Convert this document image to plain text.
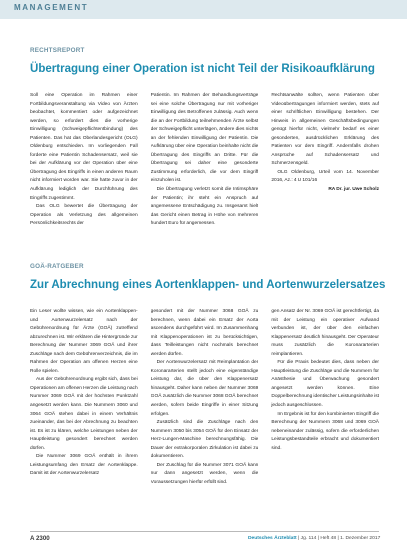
MANAGEMENT
RECHTSREPORT
Übertragung einer Operation ist nicht Teil der Risikoaufklärung

Soll eine Operation im Rahmen einer Fortbildungsveranstaltung via Video von Ärzten beobachtet, kommentiert oder aufgezeichnet werden, so erfordert dies die vorherige Einwilligung (Schweigepflichtentbindung) des Patienten. Das hat das Oberlandesgericht (OLG) Oldenburg entschieden. Im vorliegenden Fall forderte eine Patientin Schadensersatz, weil sie bei der Aufklärung vor der Operation über eine Übertragung des Eingriffs in einen anderen Raum nicht informiert worden war. Sie hatte zuvor in der Aufklärung lediglich der Durchführung des Eingriffs zugestimmt.

Das OLG bewertet die Übertragung der Operation als Verletzung des allgemeinen Persönlichkeitsrechts der

Patientin. Im Rahmen der Behandlungsverträge sei eine solche Übertragung nur mit vorheriger Einwilligung des Betroffenen zulässig. Auch wenn die an der Fortbildung teilnehmenden Ärzte selbst der Schweigepflicht unterlägen, ändere dies nichts an der fehlenden Einwilligung der Patientin. Die Aufklärung über eine Operation beinhalte nicht die Übertragung des Eingriffs an Dritte. Für die Übertragung sei daher eine gesonderte Zustimmung erforderlich, die vor dem Eingriff einzuholen ist.

Die Übertragung verletzt somit die Intimsphäre der Patientin; ihr steht ein Anspruch auf angemessene Entschädigung zu. Insgesamt hielt das Gericht einen Betrag in Höhe von mehreren hundert Euro für angemessen.

Rechtsanwälte sollten, wenn Patienten über Videoübertragungen informiert werden, stets auf einer schriftlichen Einwilligung bestehen. Der Hinweis in allgemeinen Geschäftsbedingungen genügt hierfür nicht, vielmehr bedarf es einer gesonderten, ausdrücklichen Erklärung des Patienten vor dem Eingriff. Andernfalls drohen Ansprüche auf Schadensersatz und Schmerzensgeld.

OLG Oldenburg, Urteil vom 14. November 2016, Az.: 4 U 101/16

RA Dr. jur. Uwe Scholz
GOÄ-RATGEBER
Zur Abrechnung eines Aortenklappen- und Aortenwurzelersatzes

Ein Leser wollte wissen, wie ein Aortenklappen- und Aortenwurzelersatz nach der Gebührenordnung für Ärzte (GOÄ) zutreffend abzurechnen ist. Wir erklären die Hintergründe zur Berechnung der Nummer 3069 GOÄ und ihrer Zuschläge nach dem Gebührenverzeichnis, die im Rahmen der Operation am offenen Herzen eine Rolle spielen.

Aus der Gebührenordnung ergibt sich, dass bei Operationen am offenen Herzen die Leistung nach Nummer 3069 GOÄ mit der höchsten Punktzahl angesetzt werden kann. Die Nummern 3060 und 3064 GOÄ stehen dabei in einem Verhältnis zueinander, das bei der Abrechnung zu beachten ist. Es ist zu klären, welche Leistungen neben der Hauptleistung gesondert berechnet werden dürfen.

Die Nummer 3069 GOÄ enthält in ihrem Leistungsumfang den Ersatz der Aortenklappe. Damit ist der Aortenwurzelersatz

gesondert mit der Nummer 3068 GOÄ zu berechnen, wenn dabei ein Ersatz der Aorta ascendens durchgeführt wird. Im Zusammenhang mit Klappenoperationen ist zu berücksichtigen, dass Teilleistungen nicht nochmals berechnet werden dürfen.

Der Aortenwurzelersatz mit Reimplantation der Koronararterien stellt jedoch eine eigenständige Leistung dar, die über den Klappenersatz hinausgeht. Daher kann neben der Nummer 3069 GOÄ zusätzlich die Nummer 3068 GOÄ berechnet werden, sofern beide Eingriffe in einer Sitzung erfolgen.

Zusätzlich sind die Zuschläge nach den Nummern 3050 bis 3054 GOÄ für den Einsatz der Herz-Lungen-Maschine berechnungsfähig. Die Dauer der extrakorporalen Zirkulation ist dabei zu dokumentieren.

Der Zuschlag für die Nummer 3071 GOÄ kann nur dann angesetzt werden, wenn die Voraussetzungen hierfür erfüllt sind.

gen Ansatz der Nr. 3069 GOÄ ist gerechtfertigt, da mit der Leistung ein operativer Aufwand verbunden ist, der über den einfachen Klappenersatz deutlich hinausgeht. Der Operateur muss zusätzlich die Koronararterien reimplantieren.

Für die Praxis bedeutet dies, dass neben der Hauptleistung die Zuschläge und die Nummern für Anästhesie und Überwachung gesondert angesetzt werden können. Eine Doppelberechnung identischer Leistungsinhalte ist jedoch ausgeschlossen.

Im Ergebnis ist für den kombinierten Eingriff die Berechnung der Nummern 3068 und 3069 GOÄ nebeneinander zulässig, sofern die erforderlichen Leistungsbestandteile erbracht und dokumentiert sind.

A 2300	Deutsches Ärzteblatt | Jg. 114 | Heft 48 | 1. Dezember 2017
